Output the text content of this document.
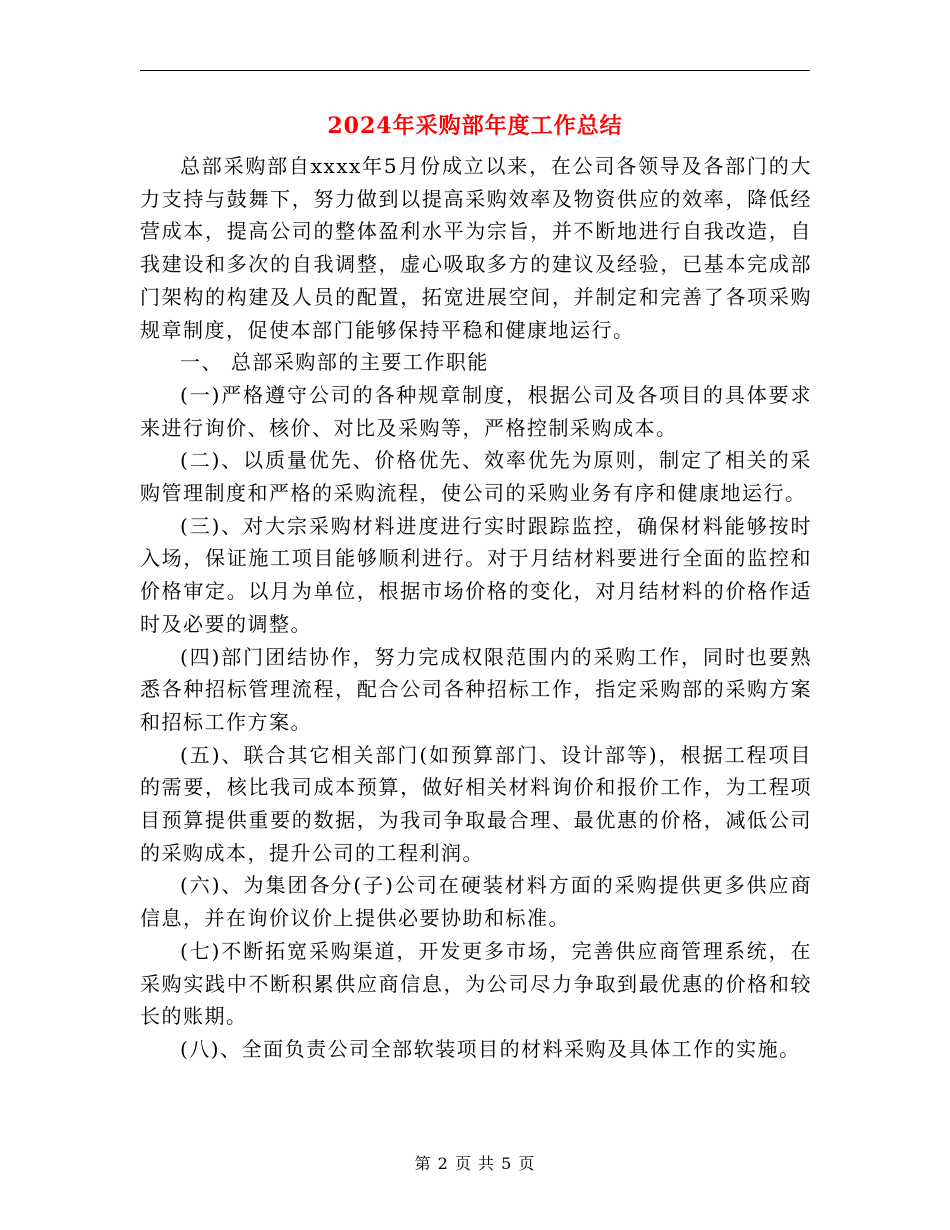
2024年采购部年度工作总结

总部采购部自xxxx年5月份成立以来，在公司各领导及各部门的大力支持与鼓舞下，努力做到以提高采购效率及物资供应的效率，降低经营成本，提高公司的整体盈利水平为宗旨，并不断地进行自我改造，自我建设和多次的自我调整，虚心吸取多方的建议及经验，已基本完成部门架构的构建及人员的配置，拓宽进展空间，并制定和完善了各项采购规章制度，促使本部门能够保持平稳和健康地运行。

一、 总部采购部的主要工作职能

(一)严格遵守公司的各种规章制度，根据公司及各项目的具体要求来进行询价、核价、对比及采购等，严格控制采购成本。

(二)、以质量优先、价格优先、效率优先为原则，制定了相关的采购管理制度和严格的采购流程，使公司的采购业务有序和健康地运行。

(三)、对大宗采购材料进度进行实时跟踪监控，确保材料能够按时入场，保证施工项目能够顺利进行。对于月结材料要进行全面的监控和价格审定。以月为单位，根据市场价格的变化，对月结材料的价格作适时及必要的调整。

(四)部门团结协作，努力完成权限范围内的采购工作，同时也要熟悉各种招标管理流程，配合公司各种招标工作，指定采购部的采购方案和招标工作方案。

(五)、联合其它相关部门(如预算部门、设计部等)，根据工程项目的需要，核比我司成本预算，做好相关材料询价和报价工作，为工程项目预算提供重要的数据，为我司争取最合理、最优惠的价格，减低公司的采购成本，提升公司的工程利润。

(六)、为集团各分(子)公司在硬装材料方面的采购提供更多供应商信息，并在询价议价上提供必要协助和标准。

(七)不断拓宽采购渠道，开发更多市场，完善供应商管理系统，在采购实践中不断积累供应商信息，为公司尽力争取到最优惠的价格和较长的账期。

(八)、全面负责公司全部软装项目的材料采购及具体工作的实施。

第 2 页 共 5 页
